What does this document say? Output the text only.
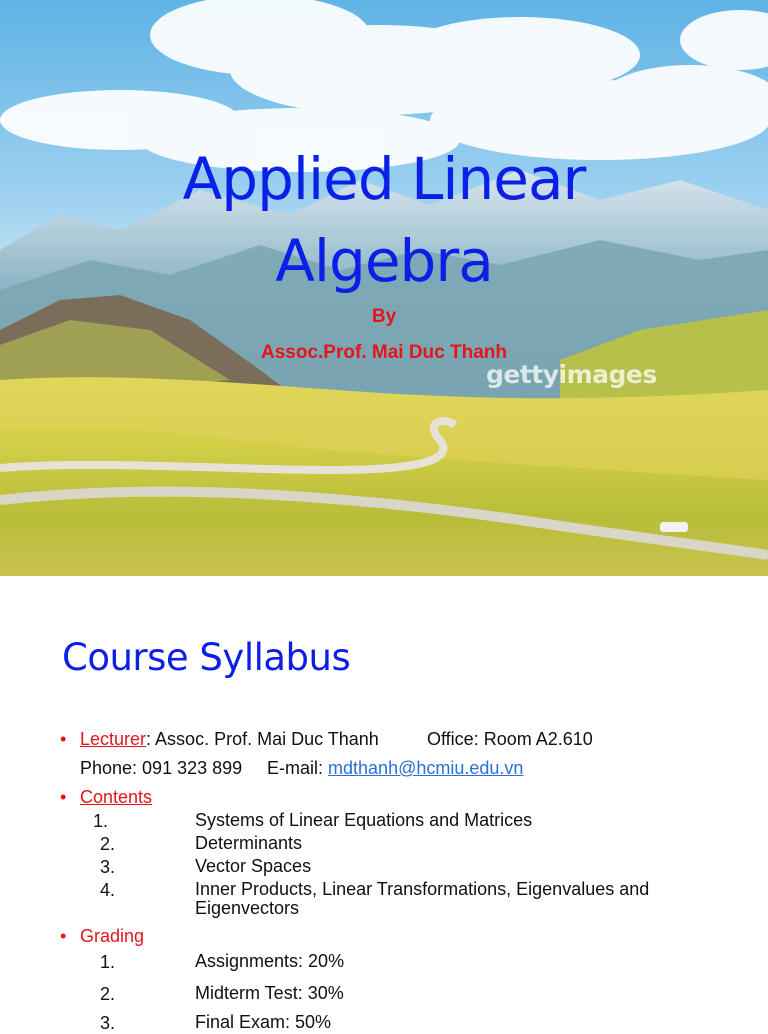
Applied Linear
Algebra
By
Assoc.Prof. Mai Duc Thanh
gettyimages
Course Syllabus
• Lecturer: Assoc. Prof. Mai Duc Thanh	Office: Room A2.610
Phone: 091 323 899 E-mail: mdthanh@hcmiu.edu.vn
• Contents
1.	Systems of Linear Equations and Matrices
2.	Determinants
3.	Vector Spaces
4.	Inner Products, Linear Transformations, Eigenvalues and Eigenvectors
• Grading
1.	Assignments: 20%
2.	Midterm Test: 30%
3.	Final Exam: 50%
